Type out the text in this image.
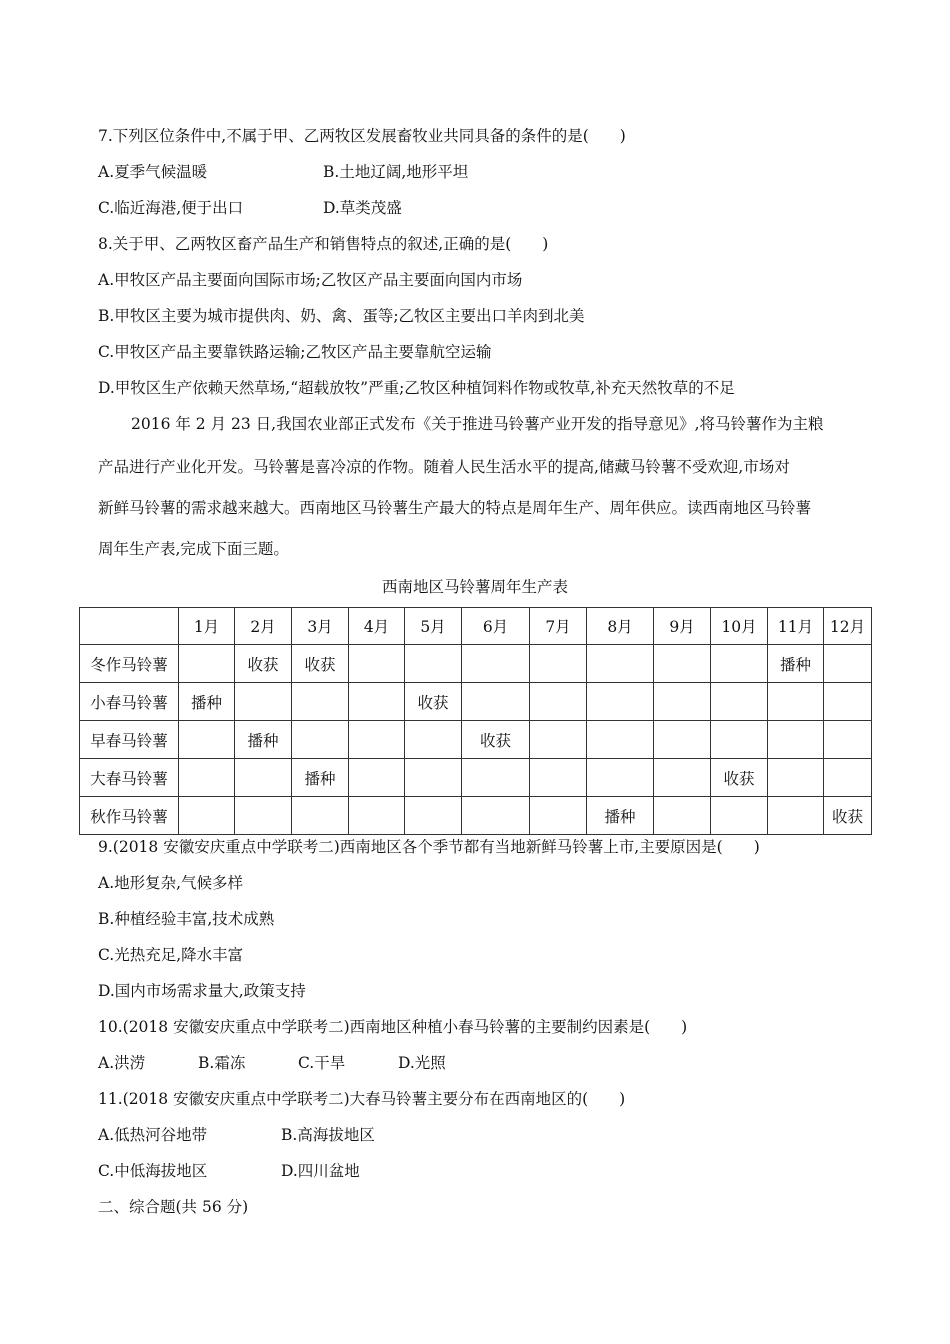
7.下列区位条件中,不属于甲、乙两牧区发展畜牧业共同具备的条件的是(　　)
A.夏季气候温暖	B.土地辽阔,地形平坦
C.临近海港,便于出口	D.草类茂盛
8.关于甲、乙两牧区畜产品生产和销售特点的叙述,正确的是(　　)
A.甲牧区产品主要面向国际市场;乙牧区产品主要面向国内市场
B.甲牧区主要为城市提供肉、奶、禽、蛋等;乙牧区主要出口羊肉到北美
C.甲牧区产品主要靠铁路运输;乙牧区产品主要靠航空运输
D.甲牧区生产依赖天然草场,“超载放牧”严重;乙牧区种植饲料作物或牧草,补充天然牧草的不足
2016 年 2 月 23 日,我国农业部正式发布《关于推进马铃薯产业开发的指导意见》,将马铃薯作为主粮
产品进行产业化开发。马铃薯是喜冷凉的作物。随着人民生活水平的提高,储藏马铃薯不受欢迎,市场对
新鲜马铃薯的需求越来越大。西南地区马铃薯生产最大的特点是周年生产、周年供应。读西南地区马铃薯
周年生产表,完成下面三题。
西南地区马铃薯周年生产表
	1月	2月	3月	4月	5月	6月	7月	8月	9月	10月	11月	12月
冬作马铃薯		收获	收获								播种	
小春马铃薯	播种				收获							
早春马铃薯		播种				收获						
大春马铃薯			播种							收获		
秋作马铃薯								播种				收获
9.(2018 安徽安庆重点中学联考二)西南地区各个季节都有当地新鲜马铃薯上市,主要原因是(　　)
A.地形复杂,气候多样
B.种植经验丰富,技术成熟
C.光热充足,降水丰富
D.国内市场需求量大,政策支持
10.(2018 安徽安庆重点中学联考二)西南地区种植小春马铃薯的主要制约因素是(　　)
A.洪涝	B.霜冻	C.干旱	D.光照
11.(2018 安徽安庆重点中学联考二)大春马铃薯主要分布在西南地区的(　　)
A.低热河谷地带	B.高海拔地区
C.中低海拔地区	D.四川盆地
二、综合题(共 56 分)
